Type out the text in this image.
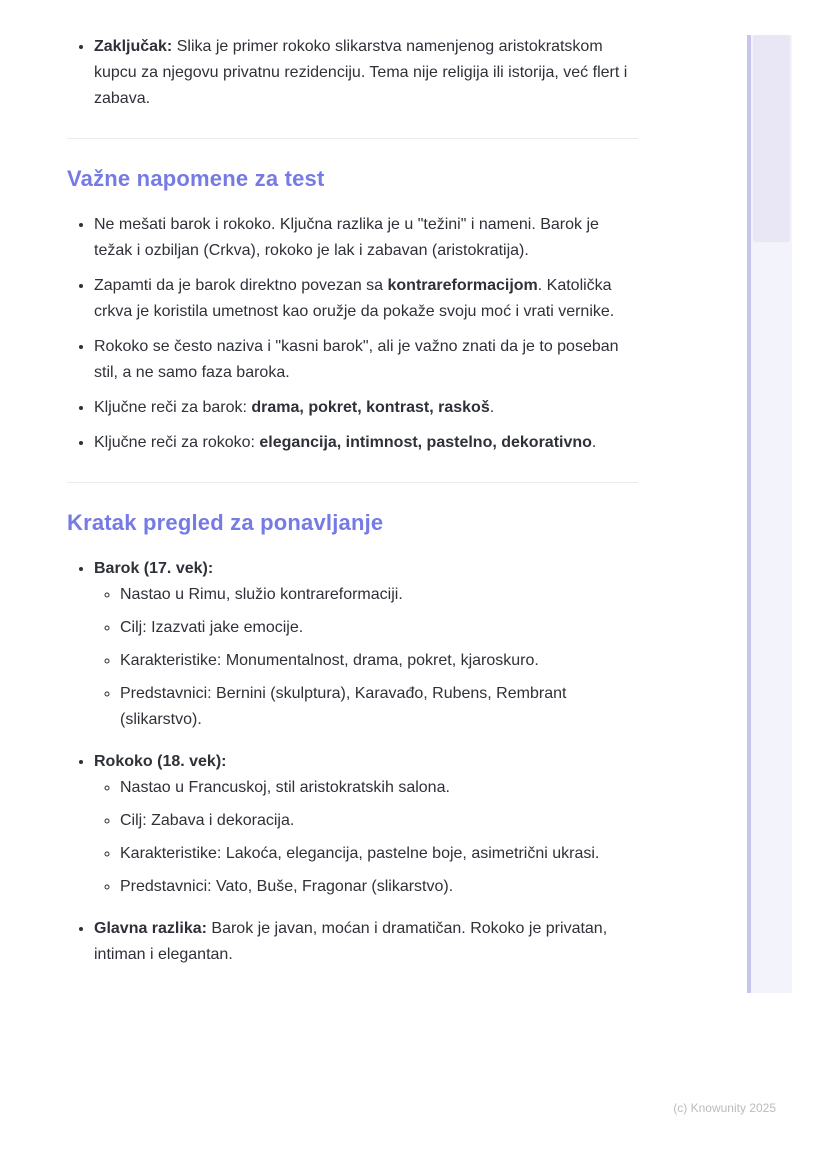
• Zaključak: Slika je primer rokoko slikarstva namenjenog aristokratskom kupcu za njegovu privatnu rezidenciju. Tema nije religija ili istorija, već flert i zabava.
Važne napomene za test
• Ne mešati barok i rokoko. Ključna razlika je u "težini" i nameni. Barok je težak i ozbiljan (Crkva), rokoko je lak i zabavan (aristokratija).
• Zapamti da je barok direktno povezan sa kontrareformacijom. Katolička crkva je koristila umetnost kao oružje da pokaže svoju moć i vrati vernike.
• Rokoko se često naziva i "kasni barok", ali je važno znati da je to poseban stil, a ne samo faza baroka.
• Ključne reči za barok: drama, pokret, kontrast, raskoš.
• Ključne reči za rokoko: elegancija, intimnost, pastelno, dekorativno.
Kratak pregled za ponavljanje
• Barok (17. vek):
◦ Nastao u Rimu, služio kontrareformaciji.
◦ Cilj: Izazvati jake emocije.
◦ Karakteristike: Monumentalnost, drama, pokret, kjaroskuro.
◦ Predstavnici: Bernini (skulptura), Karavađo, Rubens, Rembrant (slikarstvo).
• Rokoko (18. vek):
◦ Nastao u Francuskoj, stil aristokratskih salona.
◦ Cilj: Zabava i dekoracija.
◦ Karakteristike: Lakoća, elegancija, pastelne boje, asimetrični ukrasi.
◦ Predstavnici: Vato, Buše, Fragonar (slikarstvo).
• Glavna razlika: Barok je javan, moćan i dramatičan. Rokoko je privatan, intiman i elegantan.
(c) Knowunity 2025
